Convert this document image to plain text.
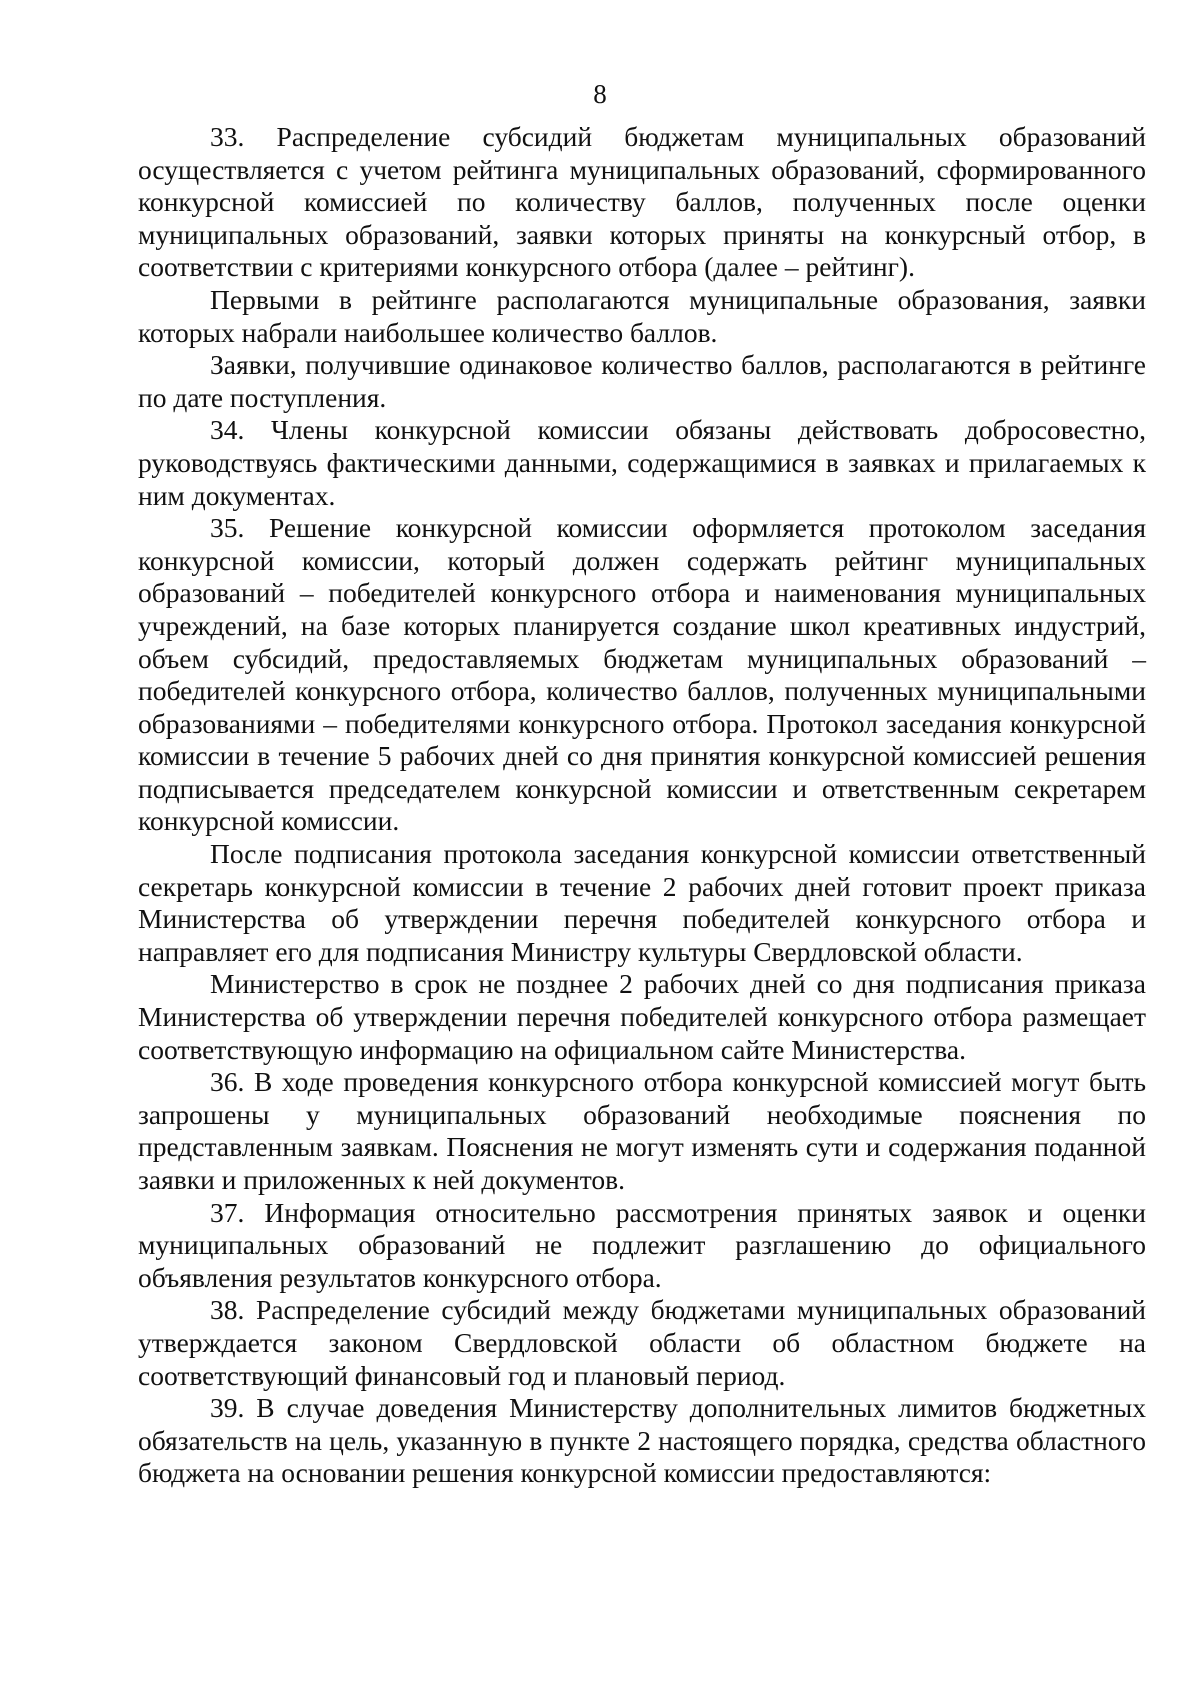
8

33. Распределение субсидий бюджетам муниципальных образований осуществляется с учетом рейтинга муниципальных образований, сформированного конкурсной комиссией по количеству баллов, полученных после оценки муниципальных образований, заявки которых приняты на конкурсный отбор, в соответствии с критериями конкурсного отбора (далее – рейтинг).

Первыми в рейтинге располагаются муниципальные образования, заявки которых набрали наибольшее количество баллов.

Заявки, получившие одинаковое количество баллов, располагаются в рейтинге по дате поступления.

34. Члены конкурсной комиссии обязаны действовать добросовестно, руководствуясь фактическими данными, содержащимися в заявках и прилагаемых к ним документах.

35. Решение конкурсной комиссии оформляется протоколом заседания конкурсной комиссии, который должен содержать рейтинг муниципальных образований – победителей конкурсного отбора и наименования муниципальных учреждений, на базе которых планируется создание школ креативных индустрий, объем субсидий, предоставляемых бюджетам муниципальных образований – победителей конкурсного отбора, количество баллов, полученных муниципальными образованиями – победителями конкурсного отбора. Протокол заседания конкурсной комиссии в течение 5 рабочих дней со дня принятия конкурсной комиссией решения подписывается председателем конкурсной комиссии и ответственным секретарем конкурсной комиссии.

После подписания протокола заседания конкурсной комиссии ответственный секретарь конкурсной комиссии в течение 2 рабочих дней готовит проект приказа Министерства об утверждении перечня победителей конкурсного отбора и направляет его для подписания Министру культуры Свердловской области.

Министерство в срок не позднее 2 рабочих дней со дня подписания приказа Министерства об утверждении перечня победителей конкурсного отбора размещает соответствующую информацию на официальном сайте Министерства.

36. В ходе проведения конкурсного отбора конкурсной комиссией могут быть запрошены у муниципальных образований необходимые пояснения по представленным заявкам. Пояснения не могут изменять сути и содержания поданной заявки и приложенных к ней документов.

37. Информация относительно рассмотрения принятых заявок и оценки муниципальных образований не подлежит разглашению до официального объявления результатов конкурсного отбора.

38. Распределение субсидий между бюджетами муниципальных образований утверждается законом Свердловской области об областном бюджете на соответствующий финансовый год и плановый период.

39. В случае доведения Министерству дополнительных лимитов бюджетных обязательств на цель, указанную в пункте 2 настоящего порядка, средства областного бюджета на основании решения конкурсной комиссии предоставляются:
